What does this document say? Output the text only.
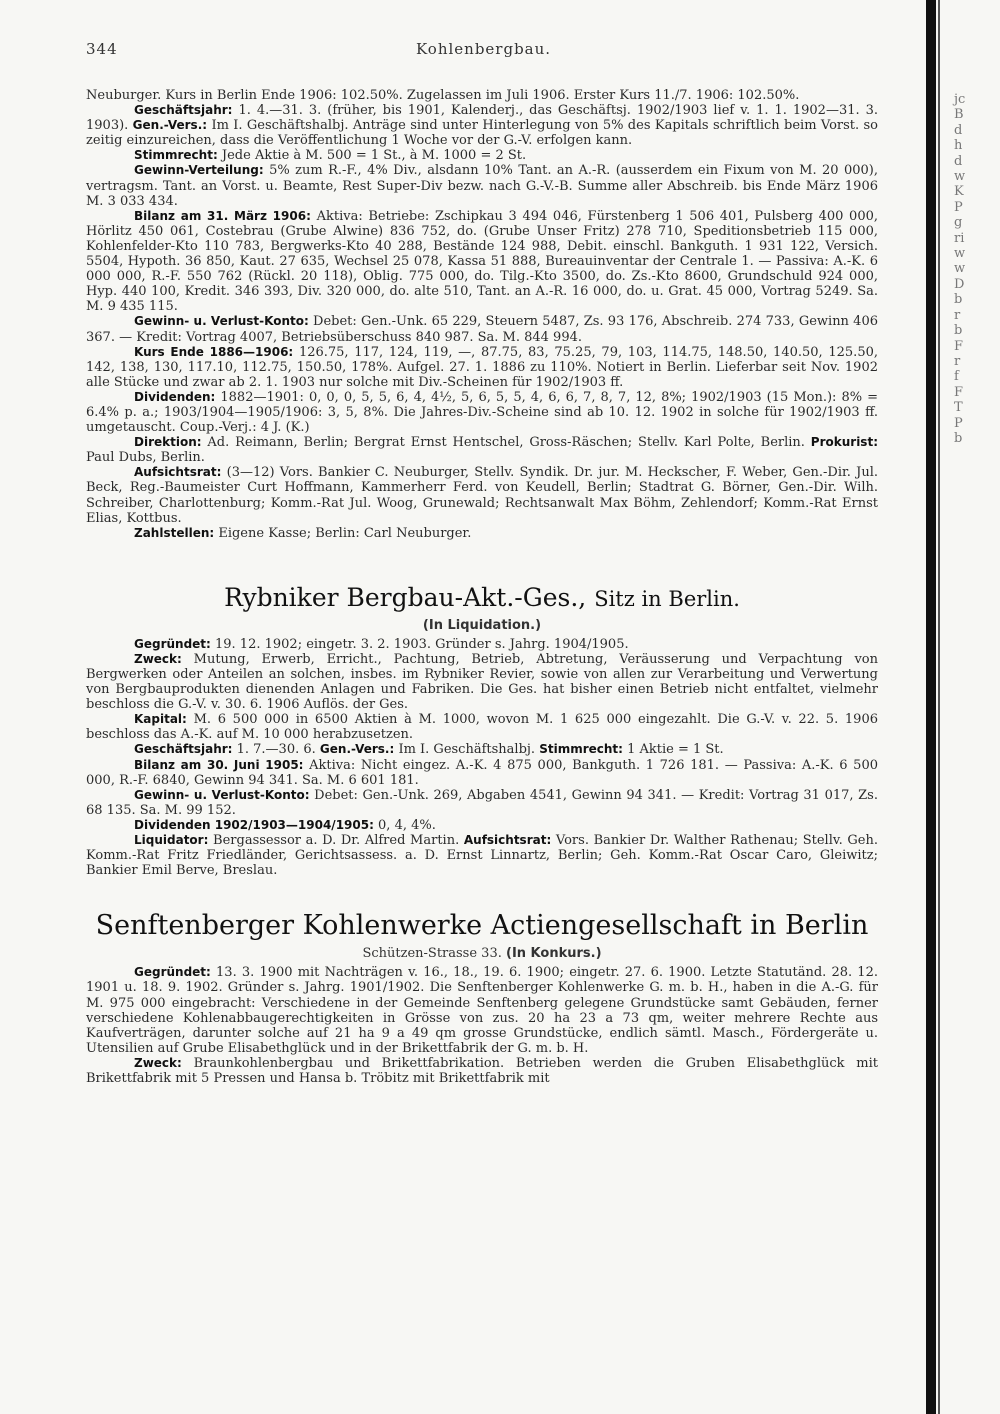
jc
B
d
h
d
w
K
P
g
ri
w
w
D
b
r
b
F
r
f
F
T
P
b
344	Kohlenbergbau.

Neuburger. Kurs in Berlin Ende 1906: 102.50%. Zugelassen im Juli 1906. Erster Kurs 11./7. 1906: 102.50%.

Geschäftsjahr: 1. 4.—31. 3. (früher, bis 1901, Kalenderj., das Geschäftsj. 1902/1903 lief v. 1. 1. 1902—31. 3. 1903). Gen.-Vers.: Im I. Geschäftshalbj. Anträge sind unter Hinterlegung von 5% des Kapitals schriftlich beim Vorst. so zeitig einzureichen, dass die Veröffentlichung 1 Woche vor der G.-V. erfolgen kann.

Stimmrecht: Jede Aktie à M. 500 = 1 St., à M. 1000 = 2 St.

Gewinn-Verteilung: 5% zum R.-F., 4% Div., alsdann 10% Tant. an A.-R. (ausserdem ein Fixum von M. 20 000), vertragsm. Tant. an Vorst. u. Beamte, Rest Super-Div bezw. nach G.-V.-B. Summe aller Abschreib. bis Ende März 1906 M. 3 033 434.

Bilanz am 31. März 1906: Aktiva: Betriebe: Zschipkau 3 494 046, Fürstenberg 1 506 401, Pulsberg 400 000, Hörlitz 450 061, Costebrau (Grube Alwine) 836 752, do. (Grube Unser Fritz) 278 710, Speditionsbetrieb 115 000, Kohlenfelder-Kto 110 783, Bergwerks-Kto 40 288, Bestände 124 988, Debit. einschl. Bankguth. 1 931 122, Versich. 5504, Hypoth. 36 850, Kaut. 27 635, Wechsel 25 078, Kassa 51 888, Bureauinventar der Centrale 1. — Passiva: A.-K. 6 000 000, R.-F. 550 762 (Rückl. 20 118), Oblig. 775 000, do. Tilg.-Kto 3500, do. Zs.-Kto 8600, Grundschuld 924 000, Hyp. 440 100, Kredit. 346 393, Div. 320 000, do. alte 510, Tant. an A.-R. 16 000, do. u. Grat. 45 000, Vortrag 5249. Sa. M. 9 435 115.

Gewinn- u. Verlust-Konto: Debet: Gen.-Unk. 65 229, Steuern 5487, Zs. 93 176, Abschreib. 274 733, Gewinn 406 367. — Kredit: Vortrag 4007, Betriebsüberschuss 840 987. Sa. M. 844 994.

Kurs Ende 1886—1906: 126.75, 117, 124, 119, —, 87.75, 83, 75.25, 79, 103, 114.75, 148.50, 140.50, 125.50, 142, 138, 130, 117.10, 112.75, 150.50, 178%. Aufgel. 27. 1. 1886 zu 110%. Notiert in Berlin. Lieferbar seit Nov. 1902 alle Stücke und zwar ab 2. 1. 1903 nur solche mit Div.-Scheinen für 1902/1903 ff.

Dividenden: 1882—1901: 0, 0, 0, 5, 5, 6, 4, 4½, 5, 6, 5, 5, 4, 6, 6, 7, 8, 7, 12, 8%; 1902/1903 (15 Mon.): 8% = 6.4% p. a.; 1903/1904—1905/1906: 3, 5, 8%. Die Jahres-Div.-Scheine sind ab 10. 12. 1902 in solche für 1902/1903 ff. umgetauscht. Coup.-Verj.: 4 J. (K.)

Direktion: Ad. Reimann, Berlin; Bergrat Ernst Hentschel, Gross-Räschen; Stellv. Karl Polte, Berlin. Prokurist: Paul Dubs, Berlin.

Aufsichtsrat: (3—12) Vors. Bankier C. Neuburger, Stellv. Syndik. Dr. jur. M. Heckscher, F. Weber, Gen.-Dir. Jul. Beck, Reg.-Baumeister Curt Hoffmann, Kammerherr Ferd. von Keudell, Berlin; Stadtrat G. Börner, Gen.-Dir. Wilh. Schreiber, Charlottenburg; Komm.-Rat Jul. Woog, Grunewald; Rechtsanwalt Max Böhm, Zehlendorf; Komm.-Rat Ernst Elias, Kottbus.

Zahlstellen: Eigene Kasse; Berlin: Carl Neuburger.

Rybniker Bergbau-Akt.-Ges., Sitz in Berlin.
(In Liquidation.)

Gegründet: 19. 12. 1902; eingetr. 3. 2. 1903. Gründer s. Jahrg. 1904/1905.

Zweck: Mutung, Erwerb, Erricht., Pachtung, Betrieb, Abtretung, Veräusserung und Verpachtung von Bergwerken oder Anteilen an solchen, insbes. im Rybniker Revier, sowie von allen zur Verarbeitung und Verwertung von Bergbauprodukten dienenden Anlagen und Fabriken. Die Ges. hat bisher einen Betrieb nicht entfaltet, vielmehr beschloss die G.-V. v. 30. 6. 1906 Auflös. der Ges.

Kapital: M. 6 500 000 in 6500 Aktien à M. 1000, wovon M. 1 625 000 eingezahlt. Die G.-V. v. 22. 5. 1906 beschloss das A.-K. auf M. 10 000 herabzusetzen.

Geschäftsjahr: 1. 7.—30. 6. Gen.-Vers.: Im I. Geschäftshalbj. Stimmrecht: 1 Aktie = 1 St.

Bilanz am 30. Juni 1905: Aktiva: Nicht eingez. A.-K. 4 875 000, Bankguth. 1 726 181. — Passiva: A.-K. 6 500 000, R.-F. 6840, Gewinn 94 341. Sa. M. 6 601 181.

Gewinn- u. Verlust-Konto: Debet: Gen.-Unk. 269, Abgaben 4541, Gewinn 94 341. — Kredit: Vortrag 31 017, Zs. 68 135. Sa. M. 99 152.

Dividenden 1902/1903—1904/1905: 0, 4, 4%.

Liquidator: Bergassessor a. D. Dr. Alfred Martin. Aufsichtsrat: Vors. Bankier Dr. Walther Rathenau; Stellv. Geh. Komm.-Rat Fritz Friedländer, Gerichtsassess. a. D. Ernst Linnartz, Berlin; Geh. Komm.-Rat Oscar Caro, Gleiwitz; Bankier Emil Berve, Breslau.

Senftenberger Kohlenwerke Actiengesellschaft in Berlin
Schützen-Strasse 33. (In Konkurs.)

Gegründet: 13. 3. 1900 mit Nachträgen v. 16., 18., 19. 6. 1900; eingetr. 27. 6. 1900. Letzte Statutänd. 28. 12. 1901 u. 18. 9. 1902. Gründer s. Jahrg. 1901/1902. Die Senftenberger Kohlenwerke G. m. b. H., haben in die A.-G. für M. 975 000 eingebracht: Verschiedene in der Gemeinde Senftenberg gelegene Grundstücke samt Gebäuden, ferner verschiedene Kohlenabbaugerechtigkeiten in Grösse von zus. 20 ha 23 a 73 qm, weiter mehrere Rechte aus Kaufverträgen, darunter solche auf 21 ha 9 a 49 qm grosse Grundstücke, endlich sämtl. Masch., Fördergeräte u. Utensilien auf Grube Elisabethglück und in der Brikettfabrik der G. m. b. H.

Zweck: Braunkohlenbergbau und Brikettfabrikation. Betrieben werden die Gruben Elisabethglück mit Brikettfabrik mit 5 Pressen und Hansa b. Tröbitz mit Brikettfabrik mit
